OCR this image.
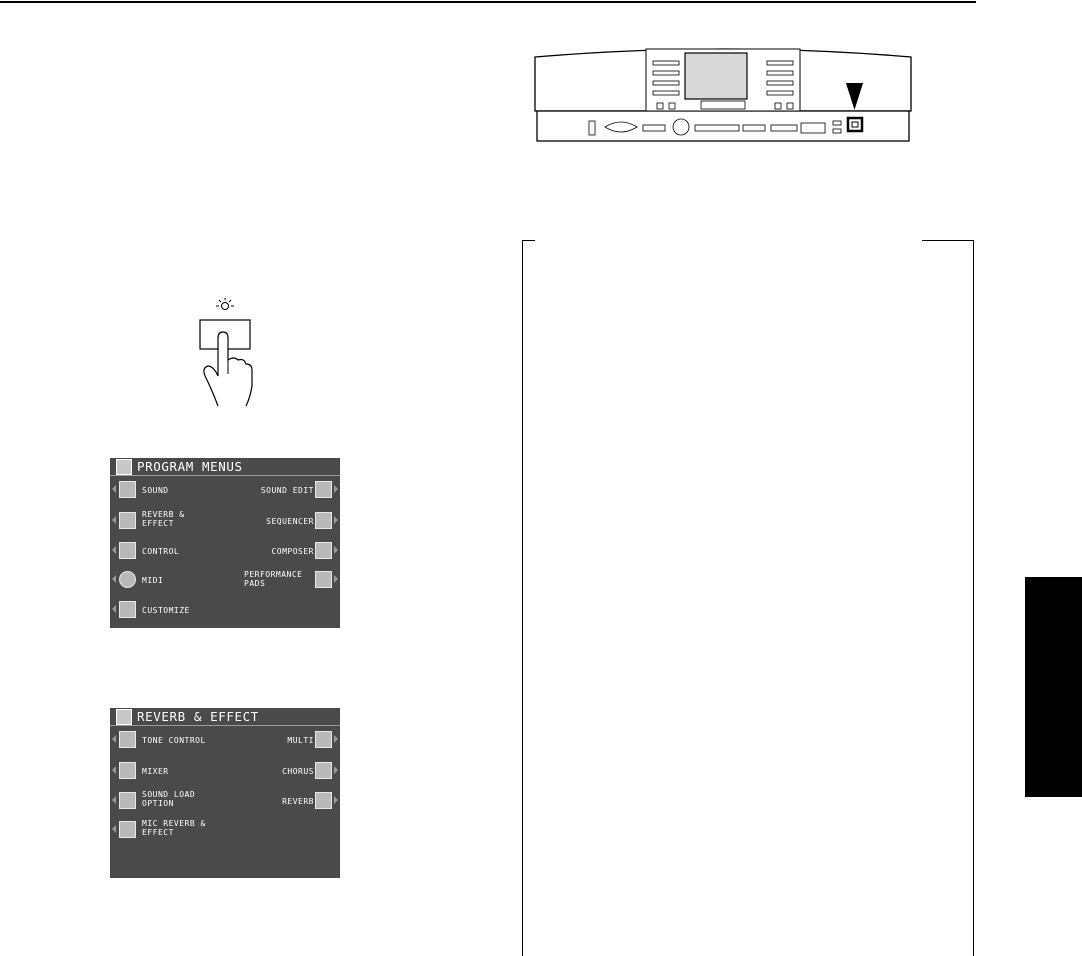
PROGRAM MENUS
SOUND
REVERB &
EFFECT
CONTROL
MIDI
CUSTOMIZE
SOUND EDIT
SEQUENCER
COMPOSER
PERFORMANCE
PADS
REVERB & EFFECT
TONE CONTROL
MIXER
SOUND LOAD
OPTION
MIC REVERB &
EFFECT
MULTI
CHORUS
REVERB
